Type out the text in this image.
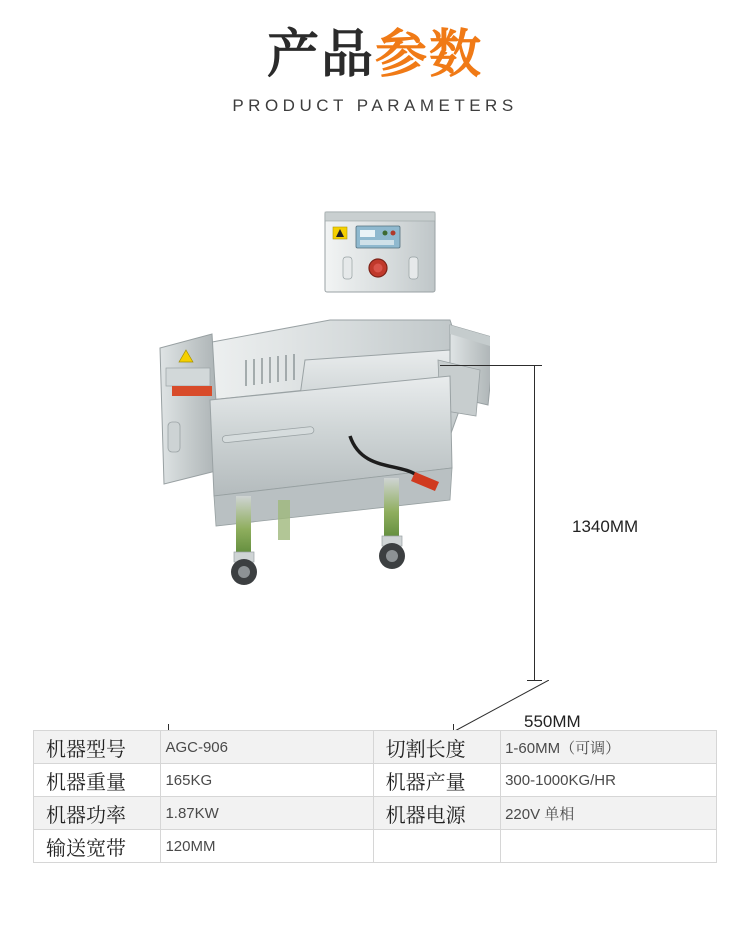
产品参数
PRODUCT PARAMETERS
1340MM
550MM
机器型号	AGC-906	切割长度	1-60MM（可调）
机器重量	165KG	机器产量	300-1000KG/HR
机器功率	1.87KW	机器电源	220V 单相
输送宽带	120MM		
